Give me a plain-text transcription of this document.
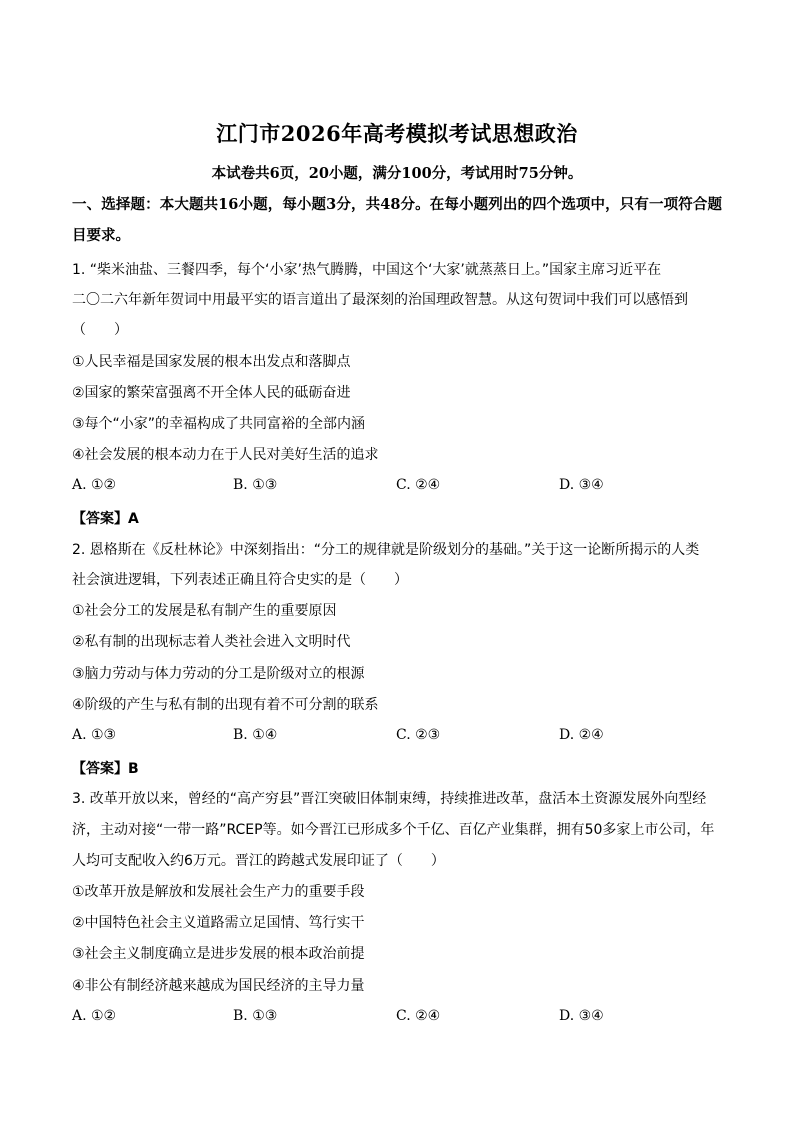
江门市2026年高考模拟考试思想政治
本试卷共6页，20小题，满分100分，考试用时75分钟。
一、选择题：本大题共16小题，每小题3分，共48分。在每小题列出的四个选项中，只有一项符合题目要求。
1. “柴米油盐、三餐四季，每个‘小家’热气腾腾，中国这个‘大家’就蒸蒸日上。”国家主席习近平在
二〇二六年新年贺词中用最平实的语言道出了最深刻的治国理政智慧。从这句贺词中我们可以感悟到
（　　）
①人民幸福是国家发展的根本出发点和落脚点
②国家的繁荣富强离不开全体人民的砥砺奋进
③每个“小家”的幸福构成了共同富裕的全部内涵
④社会发展的根本动力在于人民对美好生活的追求
A. ①②	B. ①③	C. ②④	D. ③④
【答案】A
2. 恩格斯在《反杜林论》中深刻指出：“分工的规律就是阶级划分的基础。”关于这一论断所揭示的人类
社会演进逻辑，下列表述正确且符合史实的是（　　）
①社会分工的发展是私有制产生的重要原因
②私有制的出现标志着人类社会进入文明时代
③脑力劳动与体力劳动的分工是阶级对立的根源
④阶级的产生与私有制的出现有着不可分割的联系
A. ①③	B. ①④	C. ②③	D. ②④
【答案】B
3. 改革开放以来，曾经的“高产穷县”晋江突破旧体制束缚，持续推进改革，盘活本土资源发展外向型经
济，主动对接“一带一路”RCEP等。如今晋江已形成多个千亿、百亿产业集群，拥有50多家上市公司，年
人均可支配收入约6万元。晋江的跨越式发展印证了（　　）
①改革开放是解放和发展社会生产力的重要手段
②中国特色社会主义道路需立足国情、笃行实干
③社会主义制度确立是进步发展的根本政治前提
④非公有制经济越来越成为国民经济的主导力量
A. ①②	B. ①③	C. ②④	D. ③④
